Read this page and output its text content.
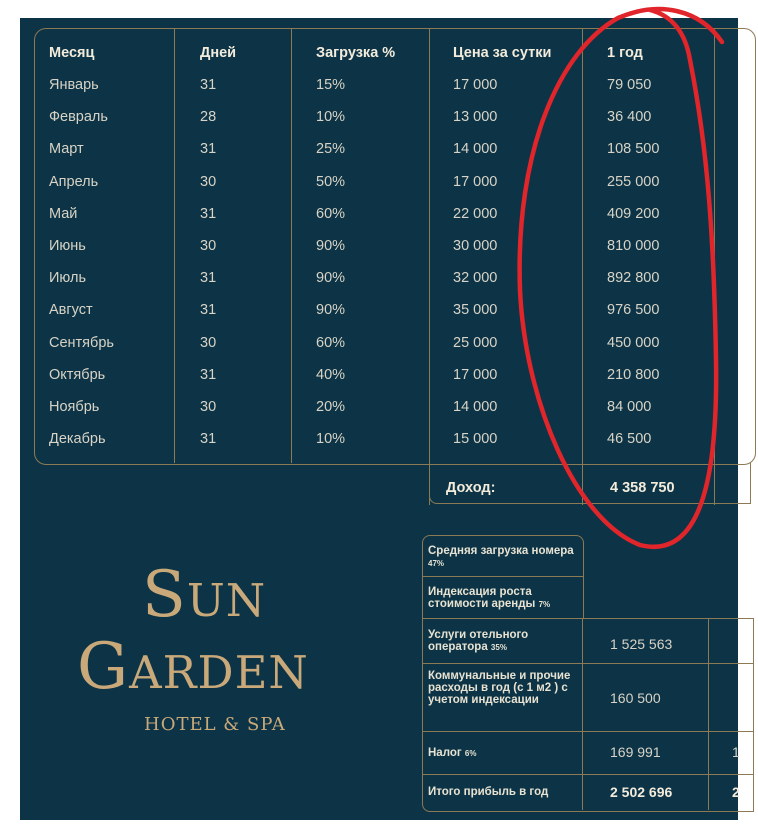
Месяц	Дней	Загрузка %	Цена за сутки	1 год
Январь	31	15%	17 000	79 050
Февраль	28	10%	13 000	36 400
Март	31	25%	14 000	108 500
Апрель	30	50%	17 000	255 000
Май	31	60%	22 000	409 200
Июнь	30	90%	30 000	810 000
Июль	31	90%	32 000	892 800
Август	31	90%	35 000	976 500
Сентябрь	30	60%	25 000	450 000
Октябрь	31	40%	17 000	210 800
Ноябрь	30	20%	14 000	84 000
Декабрь	31	10%	15 000	46 500
Доход:	4 358 750
Средняя загрузка номера 47%
Индексация роста стоимости аренды 7%
Услуги отельного оператора 35%	1 525 563
Коммунальные и прочие расходы в год (с 1 м2 ) с учетом индексации	160 500
Налог 6%	169 991	1
Итого прибыль в год	2 502 696	2
Sun
Garden
HOTEL & SPA
